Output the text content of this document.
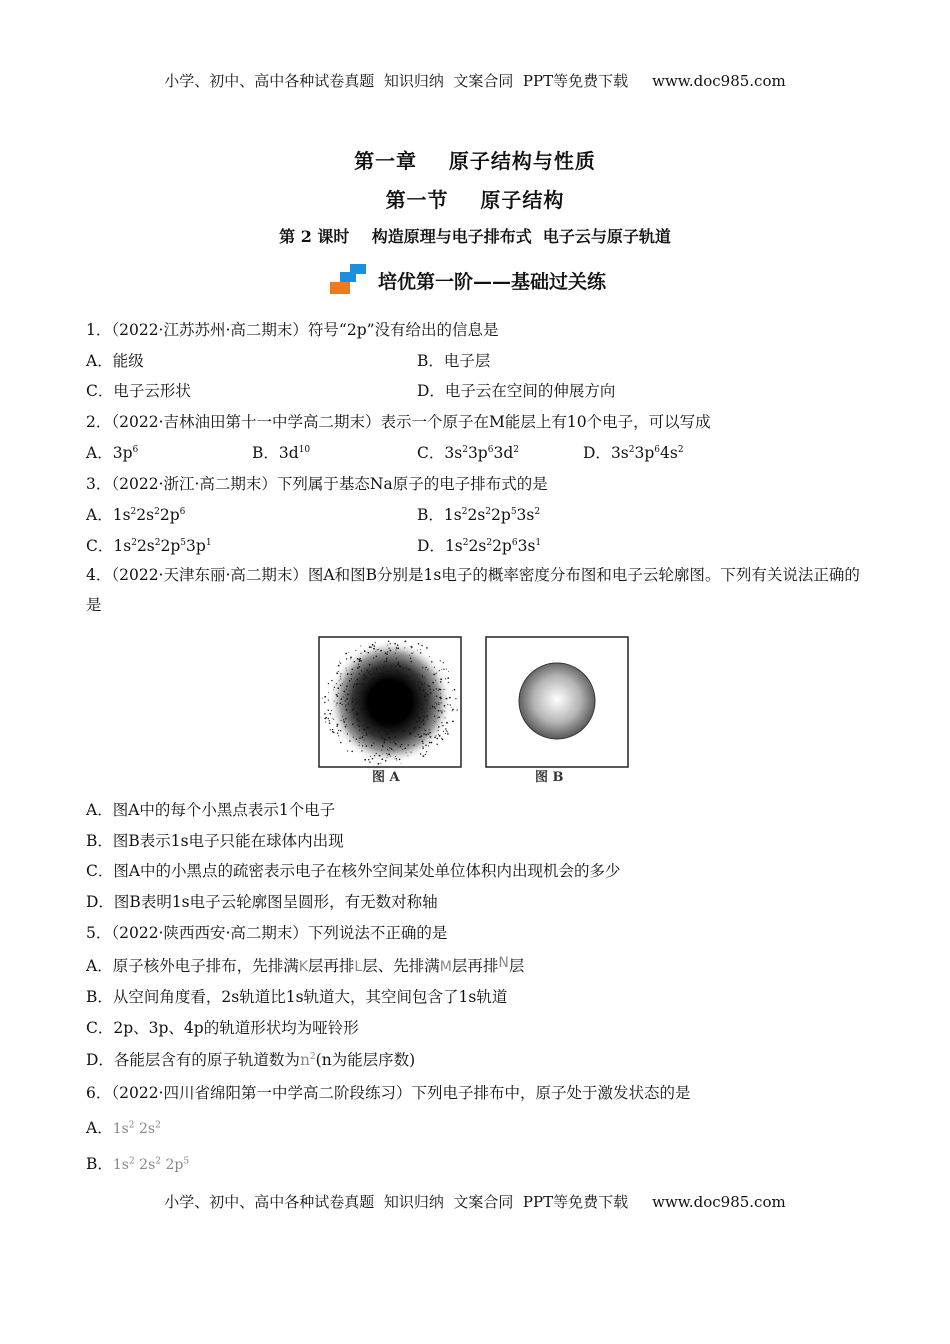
小学、初中、高中各种试卷真题  知识归纳  文案合同  PPT等免费下载 www.doc985.com
第一章    原子结构与性质
第一节    原子结构
第 2 课时    构造原理与电子排布式  电子云与原子轨道
培优第一阶——基础过关练
1．（2022·江苏苏州·高二期末）符号“2p”没有给出的信息是
A．能级	B．电子层
C．电子云形状	D．电子云在空间的伸展方向
2．（2022·吉林油田第十一中学高二期末）表示一个原子在M能层上有10个电子，可以写成
A．$3p^6$	B．$3d^{10}$	C．$3s^23p^63d^2$	D．$3s^23p^64s^2$
3．（2022·浙江·高二期末）下列属于基态Na原子的电子排布式的是
A．$1s^22s^22p^6$	B．$1s^22s^22p^53s^2$
C．$1s^22s^22p^53p^1$	D．$1s^22s^22p^63s^1$
4．（2022·天津东丽·高二期末）图A和图B分别是1s电子的概率密度分布图和电子云轮廓图。下列有关说法正确的是
图 A	图 B
A．图A中的每个小黑点表示1个电子
B．图B表示1s电子只能在球体内出现
C．图A中的小黑点的疏密表示电子在核外空间某处单位体积内出现机会的多少
D．图B表明1s电子云轮廓图呈圆形，有无数对称轴
5．（2022·陕西西安·高二期末）下列说法不正确的是
A．原子核外电子排布，先排满K层再排L层、先排满M层再排N层
B．从空间角度看，2s轨道比1s轨道大，其空间包含了1s轨道
C．2p、3p、4p的轨道形状均为哑铃形
D．各能层含有的原子轨道数为$n^2(n$为能层序数)
6．（2022·四川省绵阳第一中学高二阶段练习）下列电子排布中，原子处于激发状态的是
A．$1s^2$ $2s^2$
B．$1s^2$ $2s^2$ $2p^5$
小学、初中、高中各种试卷真题  知识归纳  文案合同  PPT等免费下载 www.doc985.com
